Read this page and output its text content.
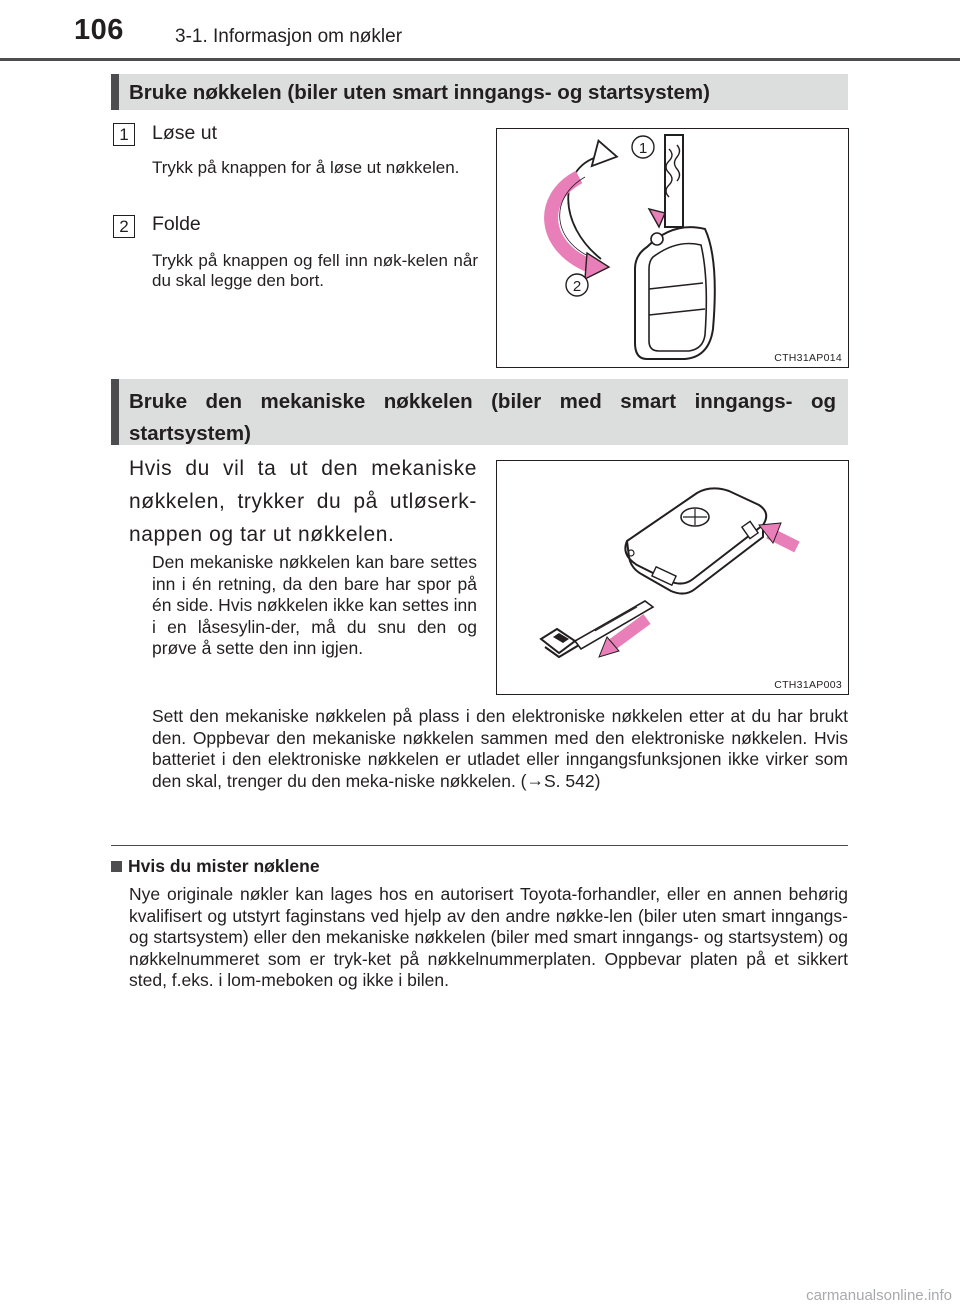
106	3-1. Informasjon om nøkler
Bruke nøkkelen (biler uten smart inngangs- og startsystem)
1	Løse ut
Trykk på knappen for å løse ut nøkkelen.
2	Folde
Trykk på knappen og fell inn nøk-kelen når du skal legge den bort.
1
2
CTH31AP014
Bruke den mekaniske nøkkelen (biler med smart inngangs- og startsystem)
Hvis du vil ta ut den mekaniske nøkkelen, trykker du på utløserk-nappen og tar ut nøkkelen.
Den mekaniske nøkkelen kan bare settes inn i én retning, da den bare har spor på én side. Hvis nøkkelen ikke kan settes inn i en låsesylin-der, må du snu den og prøve å sette den inn igjen.
CTH31AP003
Sett den mekaniske nøkkelen på plass i den elektroniske nøkkelen etter at du har brukt den. Oppbevar den mekaniske nøkkelen sammen med den elektroniske nøkkelen. Hvis batteriet i den elektroniske nøkkelen er utladet eller inngangsfunksjonen ikke virker som den skal, trenger du den meka-niske nøkkelen. (→S. 542)
Hvis du mister nøklene
Nye originale nøkler kan lages hos en autorisert Toyota-forhandler, eller en annen behørig kvalifisert og utstyrt faginstans ved hjelp av den andre nøkke-len (biler uten smart inngangs- og startsystem) eller den mekaniske nøkkelen (biler med smart inngangs- og startsystem) og nøkkelnummeret som er tryk-ket på nøkkelnummerplaten. Oppbevar platen på et sikkert sted, f.eks. i lom-meboken og ikke i bilen.
carmanualsonline.info
